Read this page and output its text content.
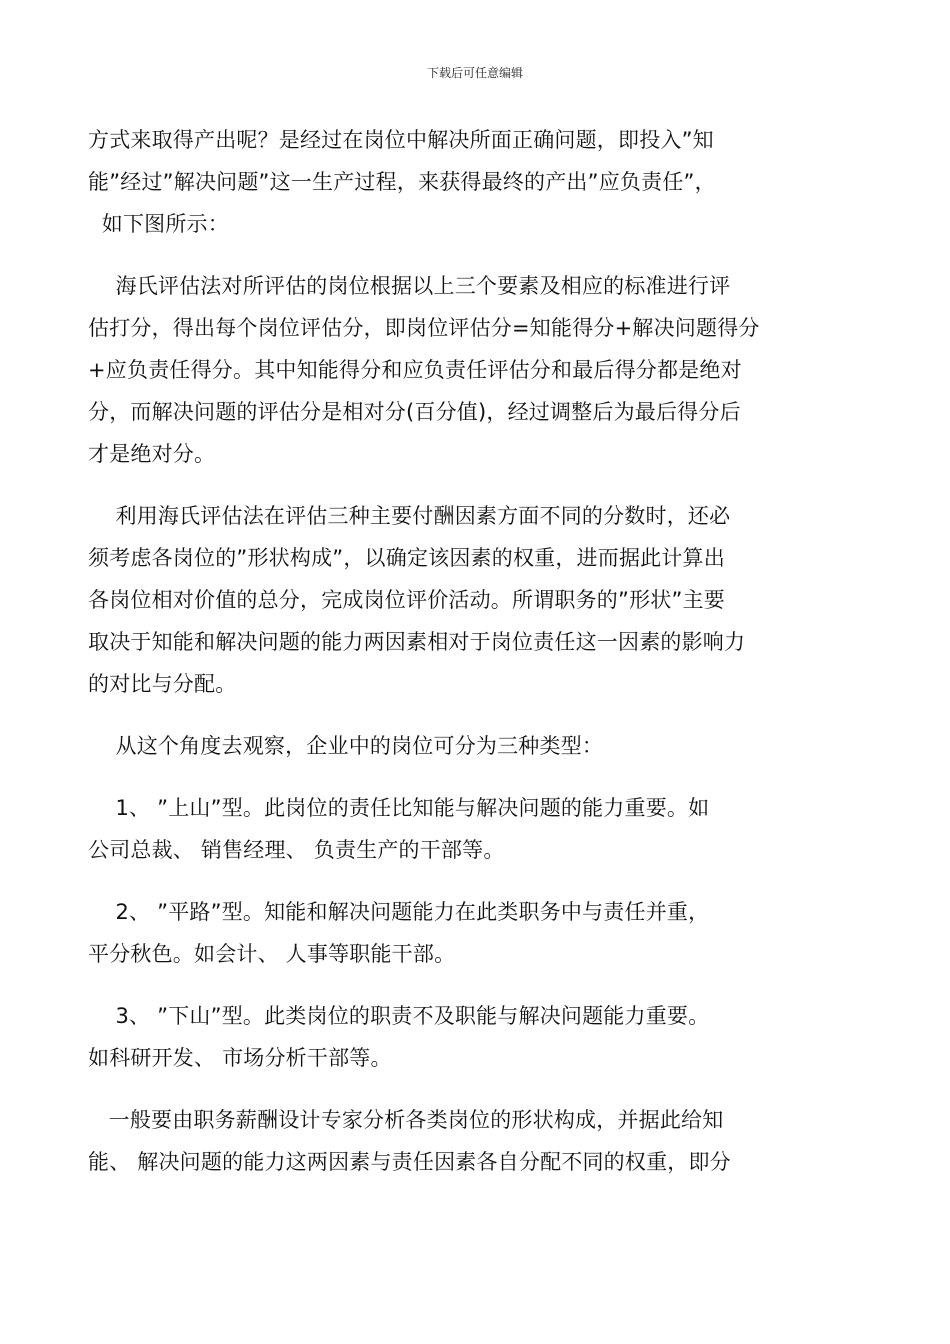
下载后可任意编辑
方式来取得产出呢？是经过在岗位中解决所面正确问题，即投入”知
能”经过”解决问题”这一生产过程，来获得最终的产出”应负责任”，
如下图所示：
海氏评估法对所评估的岗位根据以上三个要素及相应的标准进行评
估打分，得出每个岗位评估分，即岗位评估分=知能得分+解决问题得分
+应负责任得分。其中知能得分和应负责任评估分和最后得分都是绝对
分，而解决问题的评估分是相对分(百分值)，经过调整后为最后得分后
才是绝对分。
利用海氏评估法在评估三种主要付酬因素方面不同的分数时，还必
须考虑各岗位的”形状构成”，以确定该因素的权重，进而据此计算出
各岗位相对价值的总分，完成岗位评价活动。所谓职务的”形状”主要
取决于知能和解决问题的能力两因素相对于岗位责任这一因素的影响力
的对比与分配。
从这个角度去观察，企业中的岗位可分为三种类型：
1、 ”上山”型。此岗位的责任比知能与解决问题的能力重要。如
公司总裁、 销售经理、 负责生产的干部等。
2、 ”平路”型。知能和解决问题能力在此类职务中与责任并重，
平分秋色。如会计、 人事等职能干部。
3、 ”下山”型。此类岗位的职责不及职能与解决问题能力重要。
如科研开发、 市场分析干部等。
一般要由职务薪酬设计专家分析各类岗位的形状构成，并据此给知
能、 解决问题的能力这两因素与责任因素各自分配不同的权重，即分
